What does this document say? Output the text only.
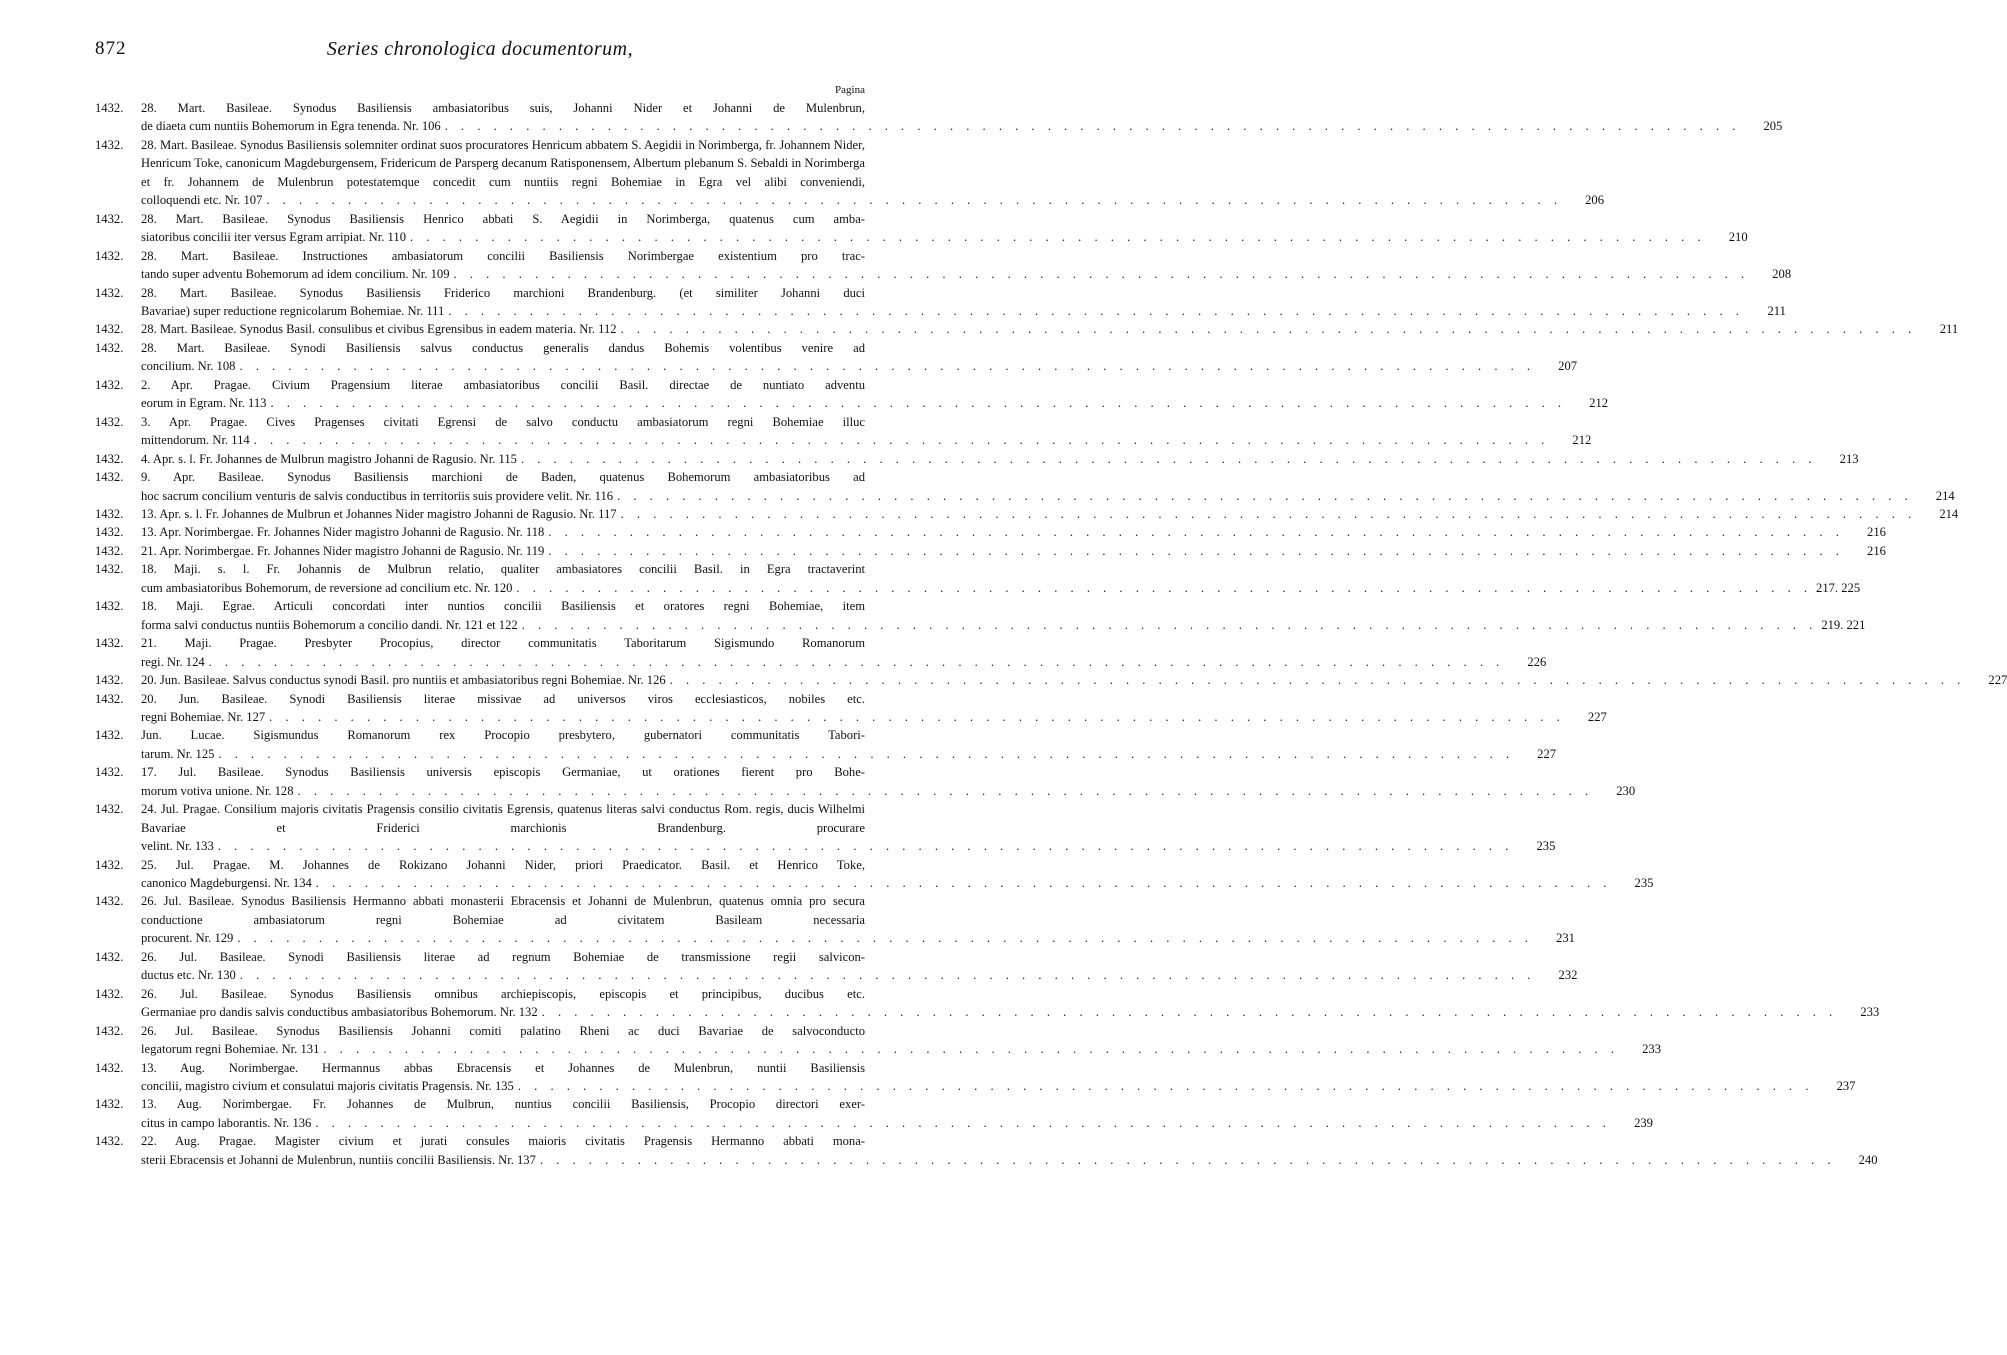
872	Series chronologica documentorum,
Pagina
1432.	28. Mart. Basileae. Synodus Basiliensis ambasiatoribus suis, Johanni Nider et Johanni de Mulenbrun,
de diaeta cum nuntiis Bohemorum in Egra tenenda. Nr. 106 . . . . . . . . . . . . . . . . . . . . . . . . . . . . . . . . . . . . . . . . . . . . . . . . . . . . . . . . . . . . . . . . . . . . . . . . . . . . . . . .	205
1432.	28. Mart. Basileae. Synodus Basiliensis solemniter ordinat suos procuratores Henricum abbatem S. Aegidii in Norimberga, fr. Johannem Nider, Henricum Toke, canonicum Magdeburgensem, Fridericum de Parsperg decanum Ratisponensem, Albertum plebanum S. Sebaldi in Norimberga et fr. Johannem de Mulenbrun potestatemque concedit cum nuntiis regni Bohemiae in Egra vel alibi conveniendi,
colloquendi etc. Nr. 107 . . . . . . . . . . . . . . . . . . . . . . . . . . . . . . . . . . . . . . . . . . . . . . . . . . . . . . . . . . . . . . . . . . . . . . . . . . . . . . . .	206
1432.	28. Mart. Basileae. Synodus Basiliensis Henrico abbati S. Aegidii in Norimberga, quatenus cum amba-
siatoribus concilii iter versus Egram arripiat. Nr. 110 . . . . . . . . . . . . . . . . . . . . . . . . . . . . . . . . . . . . . . . . . . . . . . . . . . . . . . . . . . . . . . . . . . . . . . . . . . . . . . . .	210
1432.	28. Mart. Basileae. Instructiones ambasiatorum concilii Basiliensis Norimbergae existentium pro trac-
tando super adventu Bohemorum ad idem concilium. Nr. 109 . . . . . . . . . . . . . . . . . . . . . . . . . . . . . . . . . . . . . . . . . . . . . . . . . . . . . . . . . . . . . . . . . . . . . . . . . . . . . . . .	208
1432.	28. Mart. Basileae. Synodus Basiliensis Friderico marchioni Brandenburg. (et similiter Johanni duci
Bavariae) super reductione regnicolarum Bohemiae. Nr. 111 . . . . . . . . . . . . . . . . . . . . . . . . . . . . . . . . . . . . . . . . . . . . . . . . . . . . . . . . . . . . . . . . . . . . . . . . . . . . . . . .	211
1432.	28. Mart. Basileae. Synodus Basil. consulibus et civibus Egrensibus in eadem materia. Nr. 112 . . . . . . . . . . . . . . . . . . . . . . . . . . . . . . . . . . . . . . . . . . . . . . . . . . . . . . . . . . . . . . . . . . . . . . . . . . . . . . . .	211
1432.	28. Mart. Basileae. Synodi Basiliensis salvus conductus generalis dandus Bohemis volentibus venire ad
concilium. Nr. 108 . . . . . . . . . . . . . . . . . . . . . . . . . . . . . . . . . . . . . . . . . . . . . . . . . . . . . . . . . . . . . . . . . . . . . . . . . . . . . . . .	207
1432.	2. Apr. Pragae. Civium Pragensium literae ambasiatoribus concilii Basil. directae de nuntiato adventu
eorum in Egram. Nr. 113 . . . . . . . . . . . . . . . . . . . . . . . . . . . . . . . . . . . . . . . . . . . . . . . . . . . . . . . . . . . . . . . . . . . . . . . . . . . . . . . .	212
1432.	3. Apr. Pragae. Cives Pragenses civitati Egrensi de salvo conductu ambasiatorum regni Bohemiae illuc
mittendorum. Nr. 114 . . . . . . . . . . . . . . . . . . . . . . . . . . . . . . . . . . . . . . . . . . . . . . . . . . . . . . . . . . . . . . . . . . . . . . . . . . . . . . . .	212
1432.	4. Apr. s. l. Fr. Johannes de Mulbrun magistro Johanni de Ragusio. Nr. 115 . . . . . . . . . . . . . . . . . . . . . . . . . . . . . . . . . . . . . . . . . . . . . . . . . . . . . . . . . . . . . . . . . . . . . . . . . . . . . . . .	213
1432.	9. Apr. Basileae. Synodus Basiliensis marchioni de Baden, quatenus Bohemorum ambasiatoribus ad
hoc sacrum concilium venturis de salvis conductibus in territoriis suis providere velit. Nr. 116 . . . . . . . . . . . . . . . . . . . . . . . . . . . . . . . . . . . . . . . . . . . . . . . . . . . . . . . . . . . . . . . . . . . . . . . . . . . . . . . .	214
1432.	13. Apr. s. l. Fr. Johannes de Mulbrun et Johannes Nider magistro Johanni de Ragusio. Nr. 117 . . . . . . . . . . . . . . . . . . . . . . . . . . . . . . . . . . . . . . . . . . . . . . . . . . . . . . . . . . . . . . . . . . . . . . . . . . . . . . . .	214
1432.	13. Apr. Norimbergae. Fr. Johannes Nider magistro Johanni de Ragusio. Nr. 118 . . . . . . . . . . . . . . . . . . . . . . . . . . . . . . . . . . . . . . . . . . . . . . . . . . . . . . . . . . . . . . . . . . . . . . . . . . . . . . . .	216
1432.	21. Apr. Norimbergae. Fr. Johannes Nider magistro Johanni de Ragusio. Nr. 119 . . . . . . . . . . . . . . . . . . . . . . . . . . . . . . . . . . . . . . . . . . . . . . . . . . . . . . . . . . . . . . . . . . . . . . . . . . . . . . . .	216
1432.	18. Maji. s. l. Fr. Johannis de Mulbrun relatio, qualiter ambasiatores concilii Basil. in Egra tractaverint
cum ambasiatoribus Bohemorum, de reversione ad concilium etc. Nr. 120 . . . . . . . . . . . . . . . . . . . . . . . . . . . . . . . . . . . . . . . . . . . . . . . . . . . . . . . . . . . . . . . . . . . . . . . . . . . . . . . . 217. 225
1432.	18. Maji. Egrae. Articuli concordati inter nuntios concilii Basiliensis et oratores regni Bohemiae, item
forma salvi conductus nuntiis Bohemorum a concilio dandi. Nr. 121 et 122 . . . . . . . . . . . . . . . . . . . . . . . . . . . . . . . . . . . . . . . . . . . . . . . . . . . . . . . . . . . . . . . . . . . . . . . . . . . . . . . . 219. 221
1432.	21. Maji. Pragae. Presbyter Procopius, director communitatis Taboritarum Sigismundo Romanorum
regi. Nr. 124 . . . . . . . . . . . . . . . . . . . . . . . . . . . . . . . . . . . . . . . . . . . . . . . . . . . . . . . . . . . . . . . . . . . . . . . . . . . . . . . .	226
1432.	20. Jun. Basileae. Salvus conductus synodi Basil. pro nuntiis et ambasiatoribus regni Bohemiae. Nr. 126 . . . . . . . . . . . . . . . . . . . . . . . . . . . . . . . . . . . . . . . . . . . . . . . . . . . . . . . . . . . . . . . . . . . . . . . . . . . . . . . .	227
1432.	20. Jun. Basileae. Synodi Basiliensis literae missivae ad universos viros ecclesiasticos, nobiles etc.
regni Bohemiae. Nr. 127 . . . . . . . . . . . . . . . . . . . . . . . . . . . . . . . . . . . . . . . . . . . . . . . . . . . . . . . . . . . . . . . . . . . . . . . . . . . . . . . .	227
1432.	Jun. Lucae. Sigismundus Romanorum rex Procopio presbytero, gubernatori communitatis Tabori-
tarum. Nr. 125 . . . . . . . . . . . . . . . . . . . . . . . . . . . . . . . . . . . . . . . . . . . . . . . . . . . . . . . . . . . . . . . . . . . . . . . . . . . . . . . .	227
1432.	17. Jul. Basileae. Synodus Basiliensis universis episcopis Germaniae, ut orationes fierent pro Bohe-
morum votiva unione. Nr. 128 . . . . . . . . . . . . . . . . . . . . . . . . . . . . . . . . . . . . . . . . . . . . . . . . . . . . . . . . . . . . . . . . . . . . . . . . . . . . . . . .	230
1432.	24. Jul. Pragae. Consilium majoris civitatis Pragensis consilio civitatis Egrensis, quatenus literas salvi conductus Rom. regis, ducis Wilhelmi Bavariae et Friderici marchionis Brandenburg. procurare
velint. Nr. 133 . . . . . . . . . . . . . . . . . . . . . . . . . . . . . . . . . . . . . . . . . . . . . . . . . . . . . . . . . . . . . . . . . . . . . . . . . . . . . . . .	235
1432.	25. Jul. Pragae. M. Johannes de Rokizano Johanni Nider, priori Praedicator. Basil. et Henrico Toke,
canonico Magdeburgensi. Nr. 134 . . . . . . . . . . . . . . . . . . . . . . . . . . . . . . . . . . . . . . . . . . . . . . . . . . . . . . . . . . . . . . . . . . . . . . . . . . . . . . . .	235
1432.	26. Jul. Basileae. Synodus Basiliensis Hermanno abbati monasterii Ebracensis et Johanni de Mulenbrun, quatenus omnia pro secura conductione ambasiatorum regni Bohemiae ad civitatem Basileam necessaria
procurent. Nr. 129 . . . . . . . . . . . . . . . . . . . . . . . . . . . . . . . . . . . . . . . . . . . . . . . . . . . . . . . . . . . . . . . . . . . . . . . . . . . . . . . .	231
1432.	26. Jul. Basileae. Synodi Basiliensis literae ad regnum Bohemiae de transmissione regii salvicon-
ductus etc. Nr. 130 . . . . . . . . . . . . . . . . . . . . . . . . . . . . . . . . . . . . . . . . . . . . . . . . . . . . . . . . . . . . . . . . . . . . . . . . . . . . . . . .	232
1432.	26. Jul. Basileae. Synodus Basiliensis omnibus archiepiscopis, episcopis et principibus, ducibus etc.
Germaniae pro dandis salvis conductibus ambasiatoribus Bohemorum. Nr. 132 . . . . . . . . . . . . . . . . . . . . . . . . . . . . . . . . . . . . . . . . . . . . . . . . . . . . . . . . . . . . . . . . . . . . . . . . . . . . . . . .	233
1432.	26. Jul. Basileae. Synodus Basiliensis Johanni comiti palatino Rheni ac duci Bavariae de salvoconducto
legatorum regni Bohemiae. Nr. 131 . . . . . . . . . . . . . . . . . . . . . . . . . . . . . . . . . . . . . . . . . . . . . . . . . . . . . . . . . . . . . . . . . . . . . . . . . . . . . . . .	233
1432.	13. Aug. Norimbergae. Hermannus abbas Ebracensis et Johannes de Mulenbrun, nuntii Basiliensis
concilii, magistro civium et consulatui majoris civitatis Pragensis. Nr. 135 . . . . . . . . . . . . . . . . . . . . . . . . . . . . . . . . . . . . . . . . . . . . . . . . . . . . . . . . . . . . . . . . . . . . . . . . . . . . . . . .	237
1432.	13. Aug. Norimbergae. Fr. Johannes de Mulbrun, nuntius concilii Basiliensis, Procopio directori exer-
citus in campo laborantis. Nr. 136 . . . . . . . . . . . . . . . . . . . . . . . . . . . . . . . . . . . . . . . . . . . . . . . . . . . . . . . . . . . . . . . . . . . . . . . . . . . . . . . .	239
1432.	22. Aug. Pragae. Magister civium et jurati consules maioris civitatis Pragensis Hermanno abbati mona-
sterii Ebracensis et Johanni de Mulenbrun, nuntiis concilii Basiliensis. Nr. 137 . . . . . . . . . . . . . . . . . . . . . . . . . . . . . . . . . . . . . . . . . . . . . . . . . . . . . . . . . . . . . . . . . . . . . . . . . . . . . . . .	240
